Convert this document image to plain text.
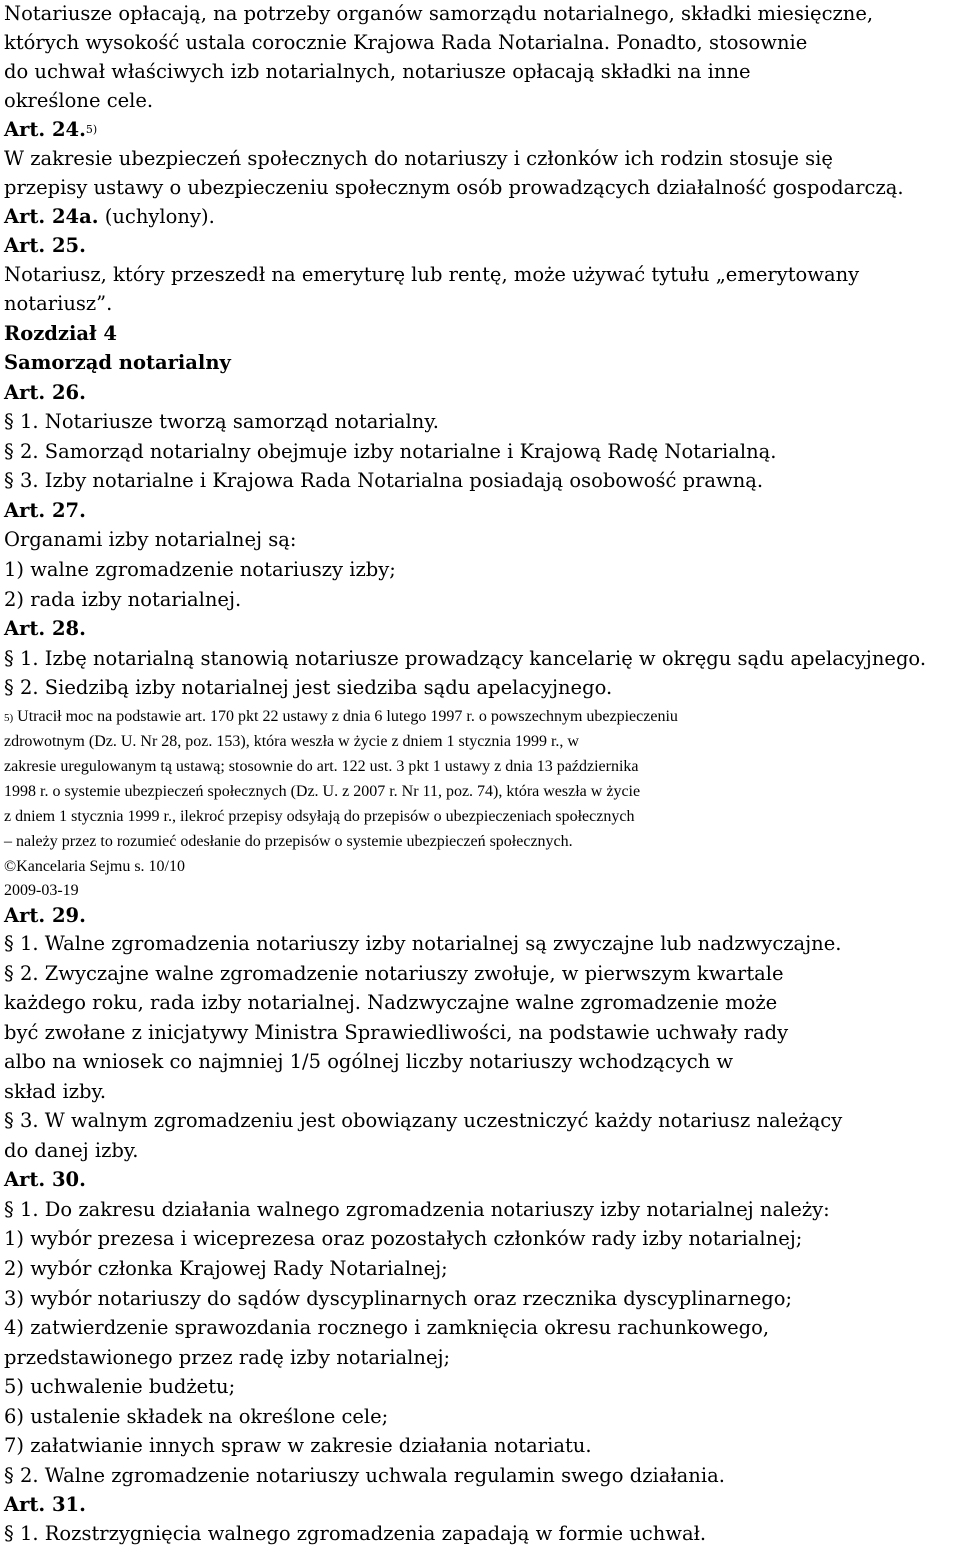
Notariusze opłacają, na potrzeby organów samorządu notarialnego, składki miesięczne,

których wysokość ustala corocznie Krajowa Rada Notarialna. Ponadto, stosownie

do uchwał właściwych izb notarialnych, notariusze opłacają składki na inne

określone cele.

Art. 24.$^{5)}$

W zakresie ubezpieczeń społecznych do notariuszy i członków ich rodzin stosuje się

przepisy ustawy o ubezpieczeniu społecznym osób prowadzących działalność gospodarczą.

Art. 24a. (uchylony).

Art. 25.

Notariusz, który przeszedł na emeryturę lub rentę, może używać tytułu „emerytowany

notariusz”.

Rozdział 4

Samorząd notarialny

Art. 26.

§ 1. Notariusze tworzą samorząd notarialny.

§ 2. Samorząd notarialny obejmuje izby notarialne i Krajową Radę Notarialną.

§ 3. Izby notarialne i Krajowa Rada Notarialna posiadają osobowość prawną.

Art. 27.

Organami izby notarialnej są:

1) walne zgromadzenie notariuszy izby;

2) rada izby notarialnej.

Art. 28.

§ 1. Izbę notarialną stanowią notariusze prowadzący kancelarię w okręgu sądu apelacyjnego.

§ 2. Siedzibą izby notarialnej jest siedziba sądu apelacyjnego.

5) Utracił moc na podstawie art. 170 pkt 22 ustawy z dnia 6 lutego 1997 r. o powszechnym ubezpieczeniu

zdrowotnym (Dz. U. Nr 28, poz. 153), która weszła w życie z dniem 1 stycznia 1999 r., w

zakresie uregulowanym tą ustawą; stosownie do art. 122 ust. 3 pkt 1 ustawy z dnia 13 października

1998 r. o systemie ubezpieczeń społecznych (Dz. U. z 2007 r. Nr 11, poz. 74), która weszła w życie

z dniem 1 stycznia 1999 r., ilekroć przepisy odsyłają do przepisów o ubezpieczeniach społecznych

– należy przez to rozumieć odesłanie do przepisów o systemie ubezpieczeń społecznych.

©Kancelaria Sejmu s. 10/10

2009-03-19

Art. 29.

§ 1. Walne zgromadzenia notariuszy izby notarialnej są zwyczajne lub nadzwyczajne.

§ 2. Zwyczajne walne zgromadzenie notariuszy zwołuje, w pierwszym kwartale

każdego roku, rada izby notarialnej. Nadzwyczajne walne zgromadzenie może

być zwołane z inicjatywy Ministra Sprawiedliwości, na podstawie uchwały rady

albo na wniosek co najmniej 1/5 ogólnej liczby notariuszy wchodzących w

skład izby.

§ 3. W walnym zgromadzeniu jest obowiązany uczestniczyć każdy notariusz należący

do danej izby.

Art. 30.

§ 1. Do zakresu działania walnego zgromadzenia notariuszy izby notarialnej należy:

1) wybór prezesa i wiceprezesa oraz pozostałych członków rady izby notarialnej;

2) wybór członka Krajowej Rady Notarialnej;

3) wybór notariuszy do sądów dyscyplinarnych oraz rzecznika dyscyplinarnego;

4) zatwierdzenie sprawozdania rocznego i zamknięcia okresu rachunkowego,

przedstawionego przez radę izby notarialnej;

5) uchwalenie budżetu;

6) ustalenie składek na określone cele;

7) załatwianie innych spraw w zakresie działania notariatu.

§ 2. Walne zgromadzenie notariuszy uchwala regulamin swego działania.

Art. 31.

§ 1. Rozstrzygnięcia walnego zgromadzenia zapadają w formie uchwał.
